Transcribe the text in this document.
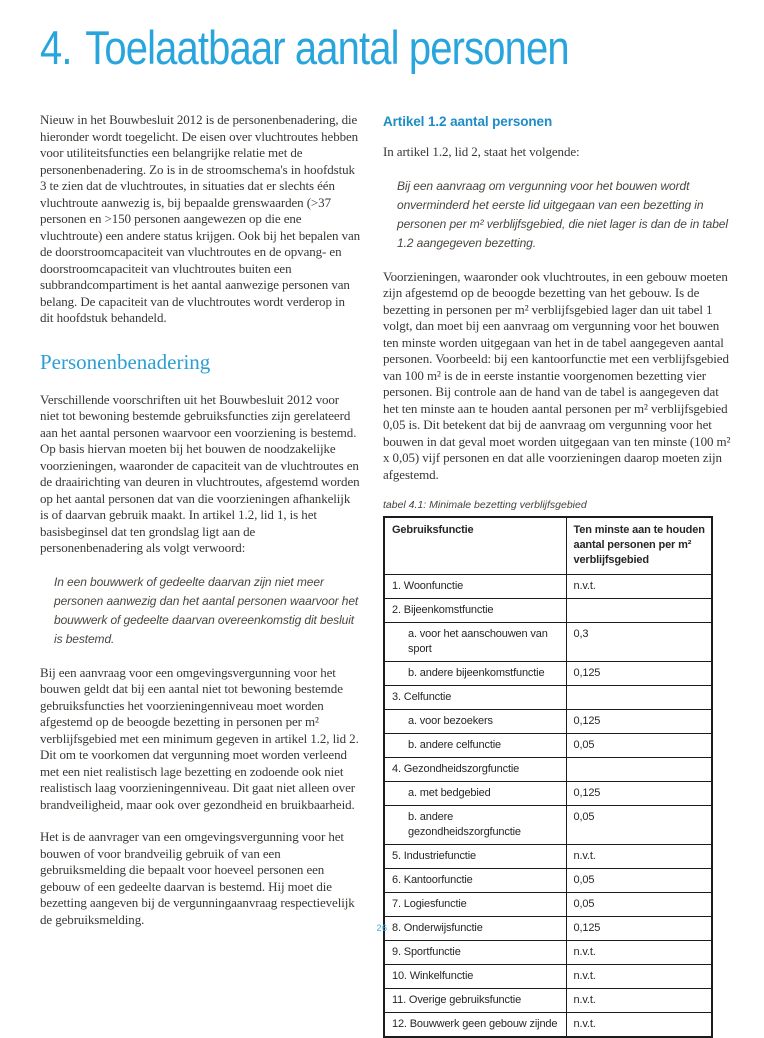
4. Toelaatbaar aantal personen

Nieuw in het Bouwbesluit 2012 is de personenbenadering, die hieronder wordt toegelicht. De eisen over vluchtroutes hebben voor utiliteitsfuncties een belangrijke relatie met de personenbenadering. Zo is in de stroomschema's in hoofdstuk 3 te zien dat de vluchtroutes, in situaties dat er slechts één vluchtroute aanwezig is, bij bepaalde grenswaarden (>37 personen en >150 personen aangewezen op die ene vluchtroute) een andere status krijgen. Ook bij het bepalen van de doorstroomcapaciteit van vluchtroutes en de opvang- en doorstroomcapaciteit van vluchtroutes buiten een subbrandcompartiment is het aantal aanwezige personen van belang. De capaciteit van de vluchtroutes wordt verderop in dit hoofdstuk behandeld.

Personenbenadering

Verschillende voorschriften uit het Bouwbesluit 2012 voor niet tot bewoning bestemde gebruiksfuncties zijn gerelateerd aan het aantal personen waarvoor een voorziening is bestemd. Op basis hiervan moeten bij het bouwen de noodzakelijke voorzieningen, waaronder de capaciteit van de vluchtroutes en de draairichting van deuren in vluchtroutes, afgestemd worden op het aantal personen dat van die voorzieningen afhankelijk is of daarvan gebruik maakt. In artikel 1.2, lid 1, is het basisbeginsel dat ten grondslag ligt aan de personenbenadering als volgt verwoord:

In een bouwwerk of gedeelte daarvan zijn niet meer personen aanwezig dan het aantal personen waarvoor het bouwwerk of gedeelte daarvan overeenkomstig dit besluit is bestemd.

Bij een aanvraag voor een omgevingsvergunning voor het bouwen geldt dat bij een aantal niet tot bewoning bestemde gebruiksfuncties het voorzieningenniveau moet worden afgestemd op de beoogde bezetting in personen per m² verblijfsgebied met een minimum gegeven in artikel 1.2, lid 2. Dit om te voorkomen dat vergunning moet worden verleend met een niet realistisch lage bezetting en zodoende ook niet realistisch laag voorzieningenniveau. Dit gaat niet alleen over brandveiligheid, maar ook over gezondheid en bruikbaarheid.

Het is de aanvrager van een omgevingsvergunning voor het bouwen of voor brandveilig gebruik of van een gebruiksmelding die bepaalt voor hoeveel personen een gebouw of een gedeelte daarvan is bestemd. Hij moet die bezetting aangeven bij de vergunningaanvraag respectievelijk de gebruiksmelding.

Artikel 1.2 aantal personen

In artikel 1.2, lid 2, staat het volgende:

Bij een aanvraag om vergunning voor het bouwen wordt onverminderd het eerste lid uitgegaan van een bezetting in personen per m² verblijfsgebied, die niet lager is dan de in tabel 1.2 aangegeven bezetting.

Voorzieningen, waaronder ook vluchtroutes, in een gebouw moeten zijn afgestemd op de beoogde bezetting van het gebouw. Is de bezetting in personen per m² verblijfsgebied lager dan uit tabel 1 volgt, dan moet bij een aanvraag om vergunning voor het bouwen ten minste worden uitgegaan van het in de tabel aangegeven aantal personen. Voorbeeld: bij een kantoorfunctie met een verblijfsgebied van 100 m² is de in eerste instantie voorgenomen bezetting vier personen. Bij controle aan de hand van de tabel is aangegeven dat het ten minste aan te houden aantal personen per m² verblijfsgebied 0,05 is. Dit betekent dat bij de aanvraag om vergunning voor het bouwen in dat geval moet worden uitgegaan van ten minste (100 m² x 0,05) vijf personen en dat alle voorzieningen daarop moeten zijn afgestemd.

tabel 4.1: Minimale bezetting verblijfsgebied
Gebruiksfunctie	Ten minste aan te houden aantal personen per m² verblijfsgebied
1. Woonfunctie	n.v.t.
2. Bijeenkomstfunctie	
a. voor het aanschouwen van sport	0,3
b. andere bijeenkomstfunctie	0,125
3. Celfunctie	
a. voor bezoekers	0,125
b. andere celfunctie	0,05
4. Gezondheidszorgfunctie	
a. met bedgebied	0,125
b. andere gezondheidszorgfunctie	0,05
5. Industriefunctie	n.v.t.
6. Kantoorfunctie	0,05
7. Logiesfunctie	0,05
8. Onderwijsfunctie	0,125
9. Sportfunctie	n.v.t.
10. Winkelfunctie	n.v.t.
11. Overige gebruiksfunctie	n.v.t.
12. Bouwwerk geen gebouw zijnde	n.v.t.
26
